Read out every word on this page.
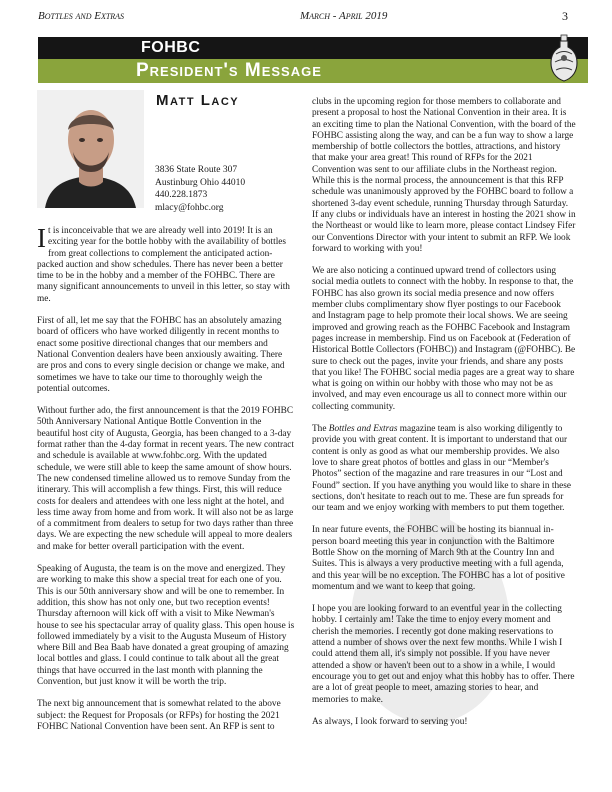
Bottles and Extras	March - April 2019	3
FOHBC
President's Message
Matt Lacy
3836 State Route 307
Austinburg Ohio 44010
440.228.1873
mlacy@fohbc.org

It is inconceivable that we are already well into 2019! It is an exciting year for the bottle hobby with the availability of bottles from great collections to complement the anticipated action-packed auction and show schedules. There has never been a better time to be in the hobby and a member of the FOHBC. There are many significant announcements to unveil in this letter, so stay with me.

First of all, let me say that the FOHBC has an absolutely amazing board of officers who have worked diligently in recent months to enact some positive directional changes that our members and National Convention dealers have been anxiously awaiting. There are pros and cons to every single decision or change we make, and sometimes we have to take our time to thoroughly weigh the potential outcomes.

Without further ado, the first announcement is that the 2019 FOHBC 50th Anniversary National Antique Bottle Convention in the beautiful host city of Augusta, Georgia, has been changed to a 3-day format rather than the 4-day format in recent years. The new contract and schedule is available at www.fohbc.org. With the updated schedule, we were still able to keep the same amount of show hours. The new condensed timeline allowed us to remove Sunday from the itinerary. This will accomplish a few things. First, this will reduce costs for dealers and attendees with one less night at the hotel, and less time away from home and from work. It will also not be as large of a commitment from dealers to setup for two days rather than three days. We are expecting the new schedule will appeal to more dealers and make for better overall participation with the event.

Speaking of Augusta, the team is on the move and energized. They are working to make this show a special treat for each one of you. This is our 50th anniversary show and will be one to remember. In addition, this show has not only one, but two reception events! Thursday afternoon will kick off with a visit to Mike Newman's house to see his spectacular array of quality glass. This open house is followed immediately by a visit to the Augusta Museum of History where Bill and Bea Baab have donated a great grouping of amazing local bottles and glass. I could continue to talk about all the great things that have occurred in the last month with planning the Convention, but just know it will be worth the trip.

The next big announcement that is somewhat related to the above subject: the Request for Proposals (or RFPs) for hosting the 2021 FOHBC National Convention have been sent. An RFP is sent to

clubs in the upcoming region for those members to collaborate and present a proposal to host the National Convention in their area. It is an exciting time to plan the National Convention, with the board of the FOHBC assisting along the way, and can be a fun way to show a large membership of bottle collectors the bottles, attractions, and history that make your area great! This round of RFPs for the 2021 Convention was sent to our affiliate clubs in the Northeast region. While this is the normal process, the announcement is that this RFP schedule was unanimously approved by the FOHBC board to follow a shortened 3-day event schedule, running Thursday through Saturday. If any clubs or individuals have an interest in hosting the 2021 show in the Northeast or would like to learn more, please contact Lindsey Fifer our Conventions Director with your intent to submit an RFP. We look forward to working with you!

We are also noticing a continued upward trend of collectors using social media outlets to connect with the hobby. In response to that, the FOHBC has also grown its social media presence and now offers member clubs complimentary show flyer postings to our Facebook and Instagram page to help promote their local shows. We are seeing improved and growing reach as the FOHBC Facebook and Instagram pages increase in membership. Find us on Facebook at (Federation of Historical Bottle Collectors (FOHBC)) and Instagram (@FOHBC). Be sure to check out the pages, invite your friends, and share any posts that you like! The FOHBC social media pages are a great way to share what is going on within our hobby with those who may not be as involved, and may even encourage us all to connect more within our collecting community.

The Bottles and Extras magazine team is also working diligently to provide you with great content. It is important to understand that our content is only as good as what our membership provides. We also love to share great photos of bottles and glass in our “Member's Photos” section of the magazine and rare treasures in our “Lost and Found” section. If you have anything you would like to share in these sections, don't hesitate to reach out to me. These are fun spreads for our team and we enjoy working with members to put them together.

In near future events, the FOHBC will be hosting its biannual in-person board meeting this year in conjunction with the Baltimore Bottle Show on the morning of March 9th at the Country Inn and Suites. This is always a very productive meeting with a full agenda, and this year will be no exception. The FOHBC has a lot of positive momentum and we want to keep that going.

I hope you are looking forward to an eventful year in the collecting hobby. I certainly am! Take the time to enjoy every moment and cherish the memories. I recently got done making reservations to attend a number of shows over the next few months. While I wish I could attend them all, it's simply not possible. If you have never attended a show or haven't been out to a show in a while, I would encourage you to get out and enjoy what this hobby has to offer. There are a lot of great people to meet, amazing stories to hear, and memories to make.

As always, I look forward to serving you!
